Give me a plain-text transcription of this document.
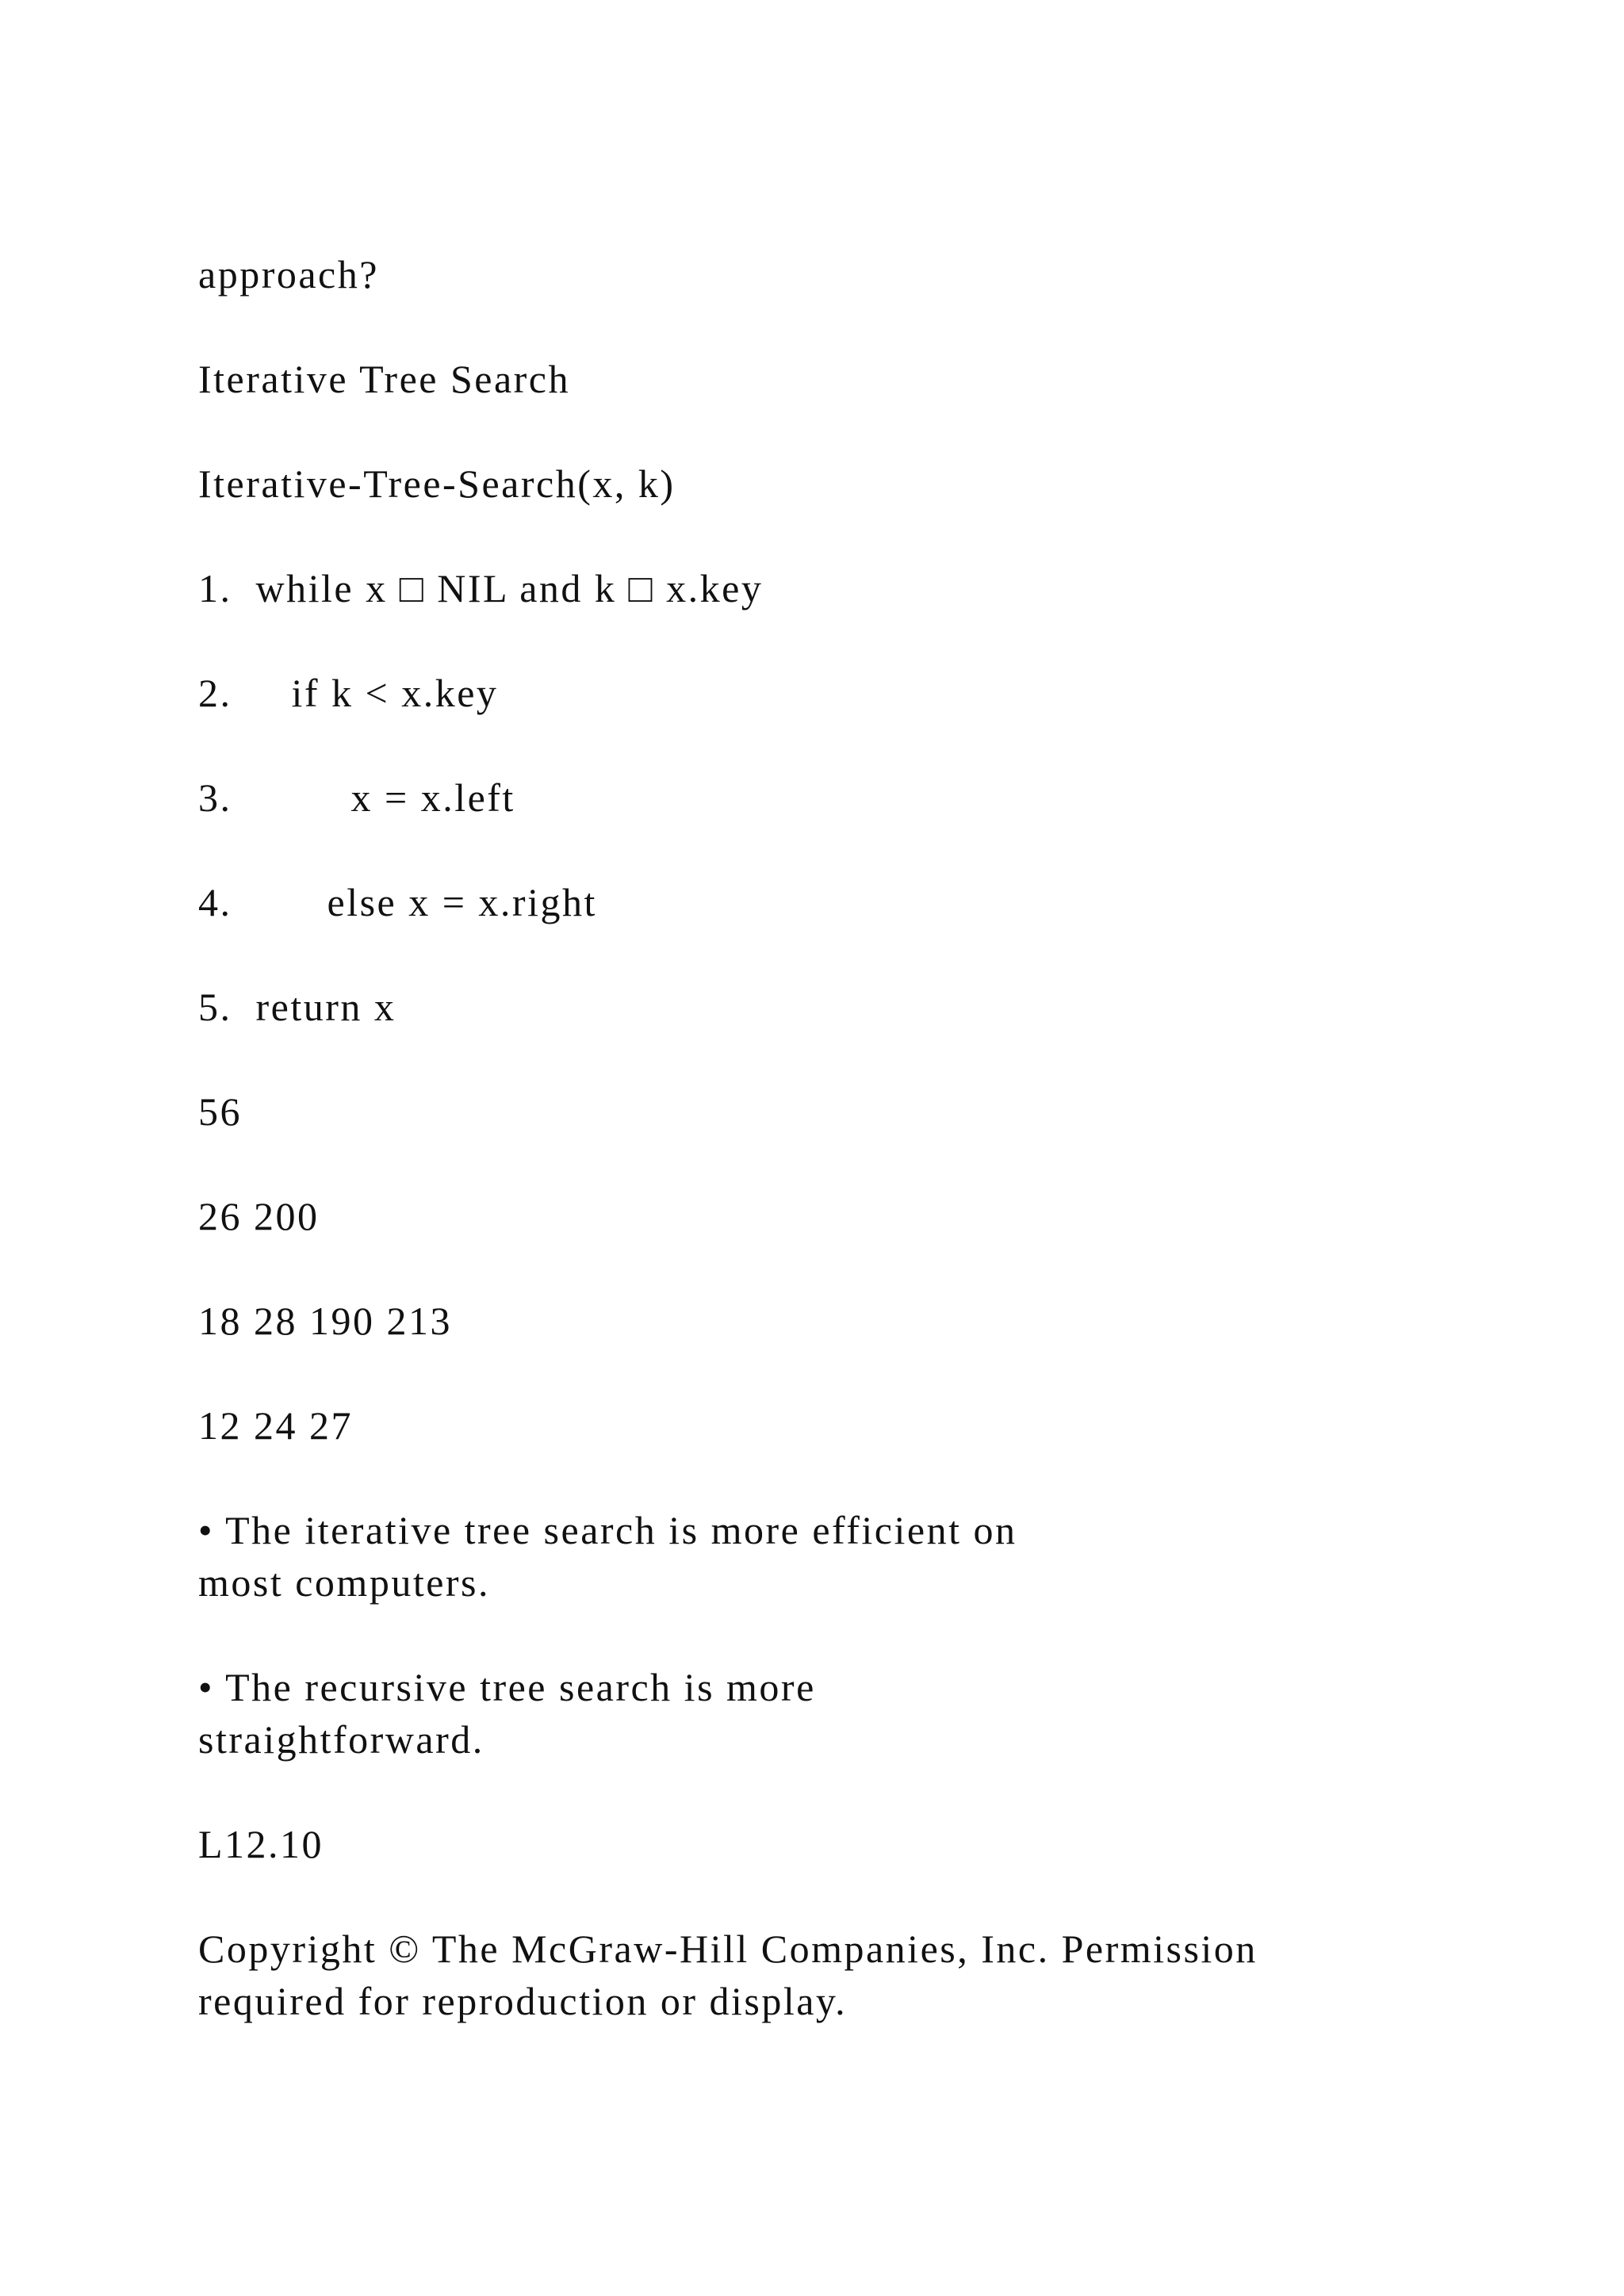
approach?
Iterative Tree Search
Iterative-Tree-Search(x, k)
1.  while x □ NIL and k □ x.key
2.     if k < x.key
3.          x = x.left
4.        else x = x.right
5.  return x
56
26 200
18 28 190 213
12 24 27
• The iterative tree search is more efficient on
most computers.
• The recursive tree search is more
straightforward.
L12.10
Copyright © The McGraw-Hill Companies, Inc. Permission
required for reproduction or display.
